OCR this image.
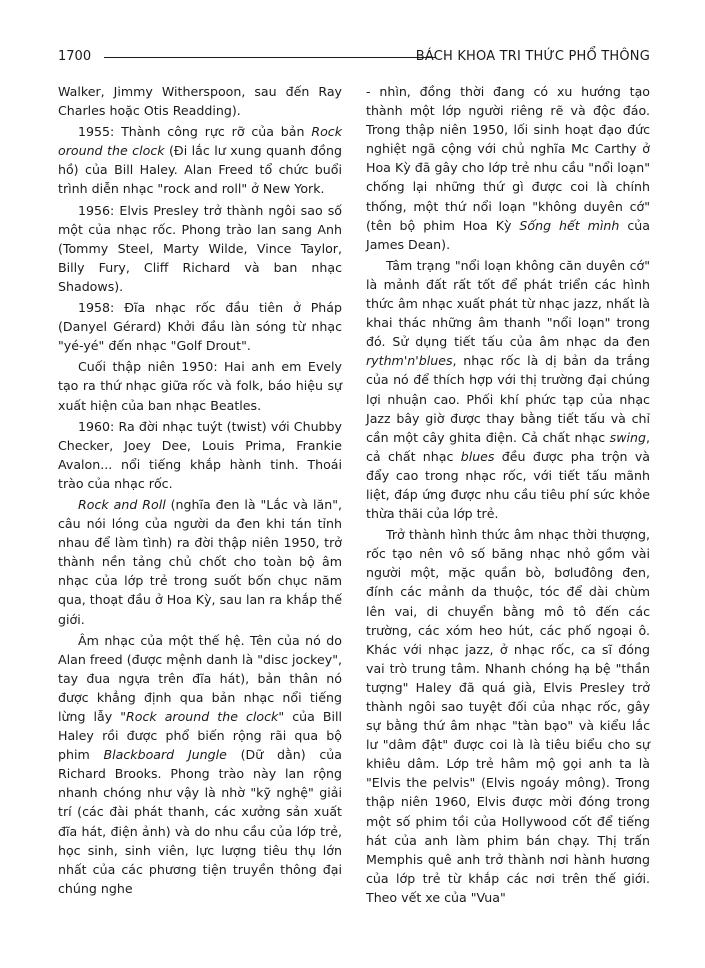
1700	BÁCH KHOA TRI THỨC PHỔ THÔNG

Walker, Jimmy Witherspoon, sau đến Ray Charles hoặc Otis Readding).

1955: Thành công rực rỡ của bản Rock oround the clock (Đi lắc lư xung quanh đồng hồ) của Bill Haley. Alan Freed tổ chức buổi trình diễn nhạc "rock and roll" ở New York.

1956: Elvis Presley trở thành ngôi sao số một của nhạc rốc. Phong trào lan sang Anh (Tommy Steel, Marty Wilde, Vince Taylor, Billy Fury, Cliff Richard và ban nhạc Shadows).

1958: Đĩa nhạc rốc đầu tiên ở Pháp (Danyel Gérard) Khởi đầu làn sóng từ nhạc "yé-yé" đến nhạc "Golf Drout".

Cuối thập niên 1950: Hai anh em Evely tạo ra thứ nhạc giữa rốc và folk, báo hiệu sự xuất hiện của ban nhạc Beatles.

1960: Ra đời nhạc tuýt (twist) với Chubby Checker, Joey Dee, Louis Prima, Frankie Avalon... nổi tiếng khắp hành tinh. Thoái trào của nhạc rốc.

Rock and Roll (nghĩa đen là "Lắc và lăn", câu nói lóng của người da đen khi tán tỉnh nhau để làm tình) ra đời thập niên 1950, trở thành nền tảng chủ chốt cho toàn bộ âm nhạc của lớp trẻ trong suốt bốn chục năm qua, thoạt đầu ở Hoa Kỳ, sau lan ra khắp thế giới.

Âm nhạc của một thế hệ. Tên của nó do Alan freed (được mệnh danh là "disc jockey", tay đua ngựa trên đĩa hát), bản thân nó được khẳng định qua bản nhạc nổi tiếng lừng lẫy "Rock around the clock" của Bill Haley rồi được phổ biến rộng rãi qua bộ phim Blackboard Jungle (Dữ dằn) của Richard Brooks. Phong trào này lan rộng nhanh chóng như vậy là nhờ "kỹ nghệ" giải trí (các đài phát thanh, các xưởng sản xuất đĩa hát, điện ảnh) và do nhu cầu của lớp trẻ, học sinh, sinh viên, lực lượng tiêu thụ lớn nhất của các phương tiện truyền thông đại chúng nghe

- nhìn, đồng thời đang có xu hướng tạo thành một lớp người riêng rẽ và độc đáo. Trong thập niên 1950, lối sinh hoạt đạo đức nghiệt ngã cộng với chủ nghĩa Mc Carthy ở Hoa Kỳ đã gây cho lớp trẻ nhu cầu "nổi loạn" chống lại những thứ gì được coi là chính thống, một thứ nổi loạn "không duyên cớ" (tên bộ phim Hoa Kỳ Sống hết mình của James Dean).

Tâm trạng "nổi loạn không căn duyên cớ" là mảnh đất rất tốt để phát triển các hình thức âm nhạc xuất phát từ nhạc jazz, nhất là khai thác những âm thanh "nổi loạn" trong đó. Sử dụng tiết tấu của âm nhạc da đen rythm'n'blues, nhạc rốc là dị bản da trắng của nó để thích hợp với thị trường đại chúng lợi nhuận cao. Phối khí phức tạp của nhạc Jazz bây giờ được thay bằng tiết tấu và chỉ cần một cây ghita điện. Cả chất nhạc swing, cả chất nhạc blues đều được pha trộn và đẩy cao trong nhạc rốc, với tiết tấu mãnh liệt, đáp ứng được nhu cầu tiêu phí sức khỏe thừa thãi của lớp trẻ.

Trở thành hình thức âm nhạc thời thượng, rốc tạo nên vô số băng nhạc nhỏ gồm vài người một, mặc quần bò, bơluđông đen, đính các mảnh da thuộc, tóc để dài chùm lên vai, di chuyển bằng mô tô đến các trường, các xóm heo hút, các phố ngoại ô. Khác với nhạc jazz, ở nhạc rốc, ca sĩ đóng vai trò trung tâm. Nhanh chóng hạ bệ "thần tượng" Haley đã quá già, Elvis Presley trở thành ngôi sao tuyệt đối của nhạc rốc, gây sự bằng thứ âm nhạc "tàn bạo" và kiểu lắc lư "dâm đật" được coi là là tiêu biểu cho sự khiêu dâm. Lớp trẻ hâm mộ gọi anh ta là "Elvis the pelvis" (Elvis ngoáy mông). Trong thập niên 1960, Elvis được mời đóng trong một số phim tồi của Hollywood cốt để tiếng hát của anh làm phim bán chạy. Thị trấn Memphis quê anh trở thành nơi hành hương của lớp trẻ từ khắp các nơi trên thế giới. Theo vết xe của "Vua"
